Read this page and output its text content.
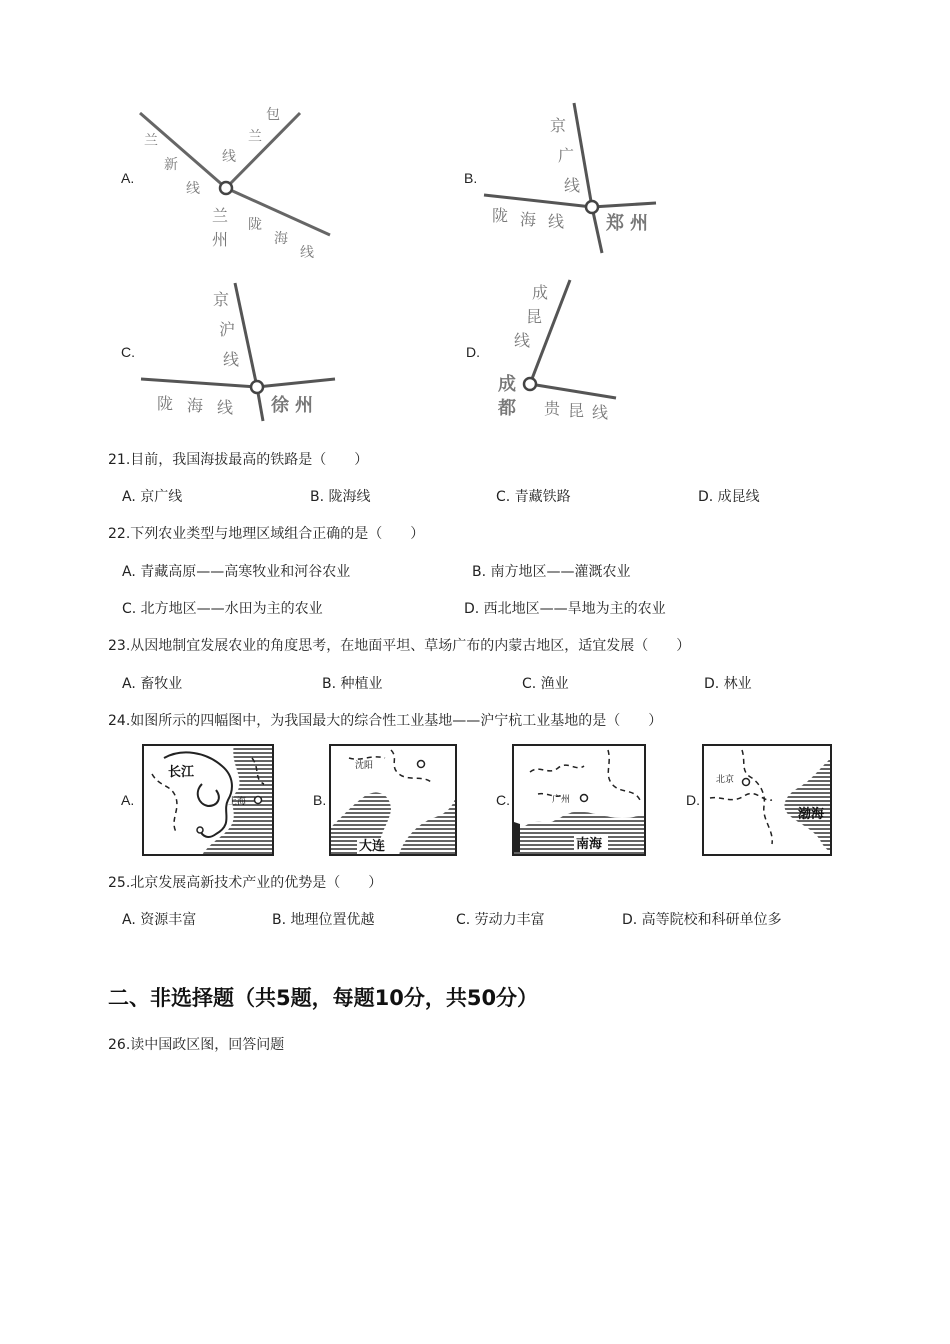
A.
兰
新
线
包
兰
线
兰
州
陇
海
线
B.
京
广
线
陇 海 线 郑 州
C.
京
沪
线
陇 海 线 徐 州
D.
成
昆
线
成
都 贵 昆 线
21.目前，我国海拔最高的铁路是（　　）
A. 京广线	B. 陇海线	C. 青藏铁路	D. 成昆线
22.下列农业类型与地理区域组合正确的是（　　）
A. 青藏高原——高寒牧业和河谷农业	B. 南方地区——灌溉农业
C. 北方地区——水田为主的农业	D. 西北地区——旱地为主的农业
23.从因地制宜发展农业的角度思考，在地面平坦、草场广布的内蒙古地区，适宜发展（　　）
A. 畜牧业	B. 种植业	C. 渔业	D. 林业
24.如图所示的四幅图中，为我国最大的综合性工业基地——沪宁杭工业基地的是（　　）
A.
长江
上海	B.
沈阳
大连
C.	广州
南海
D.
北京
渤海
25.北京发展高新技术产业的优势是（　　）
A. 资源丰富	B. 地理位置优越	C. 劳动力丰富	D. 高等院校和科研单位多
二、非选择题（共5题，每题10分，共50分）
26.读中国政区图，回答问题
